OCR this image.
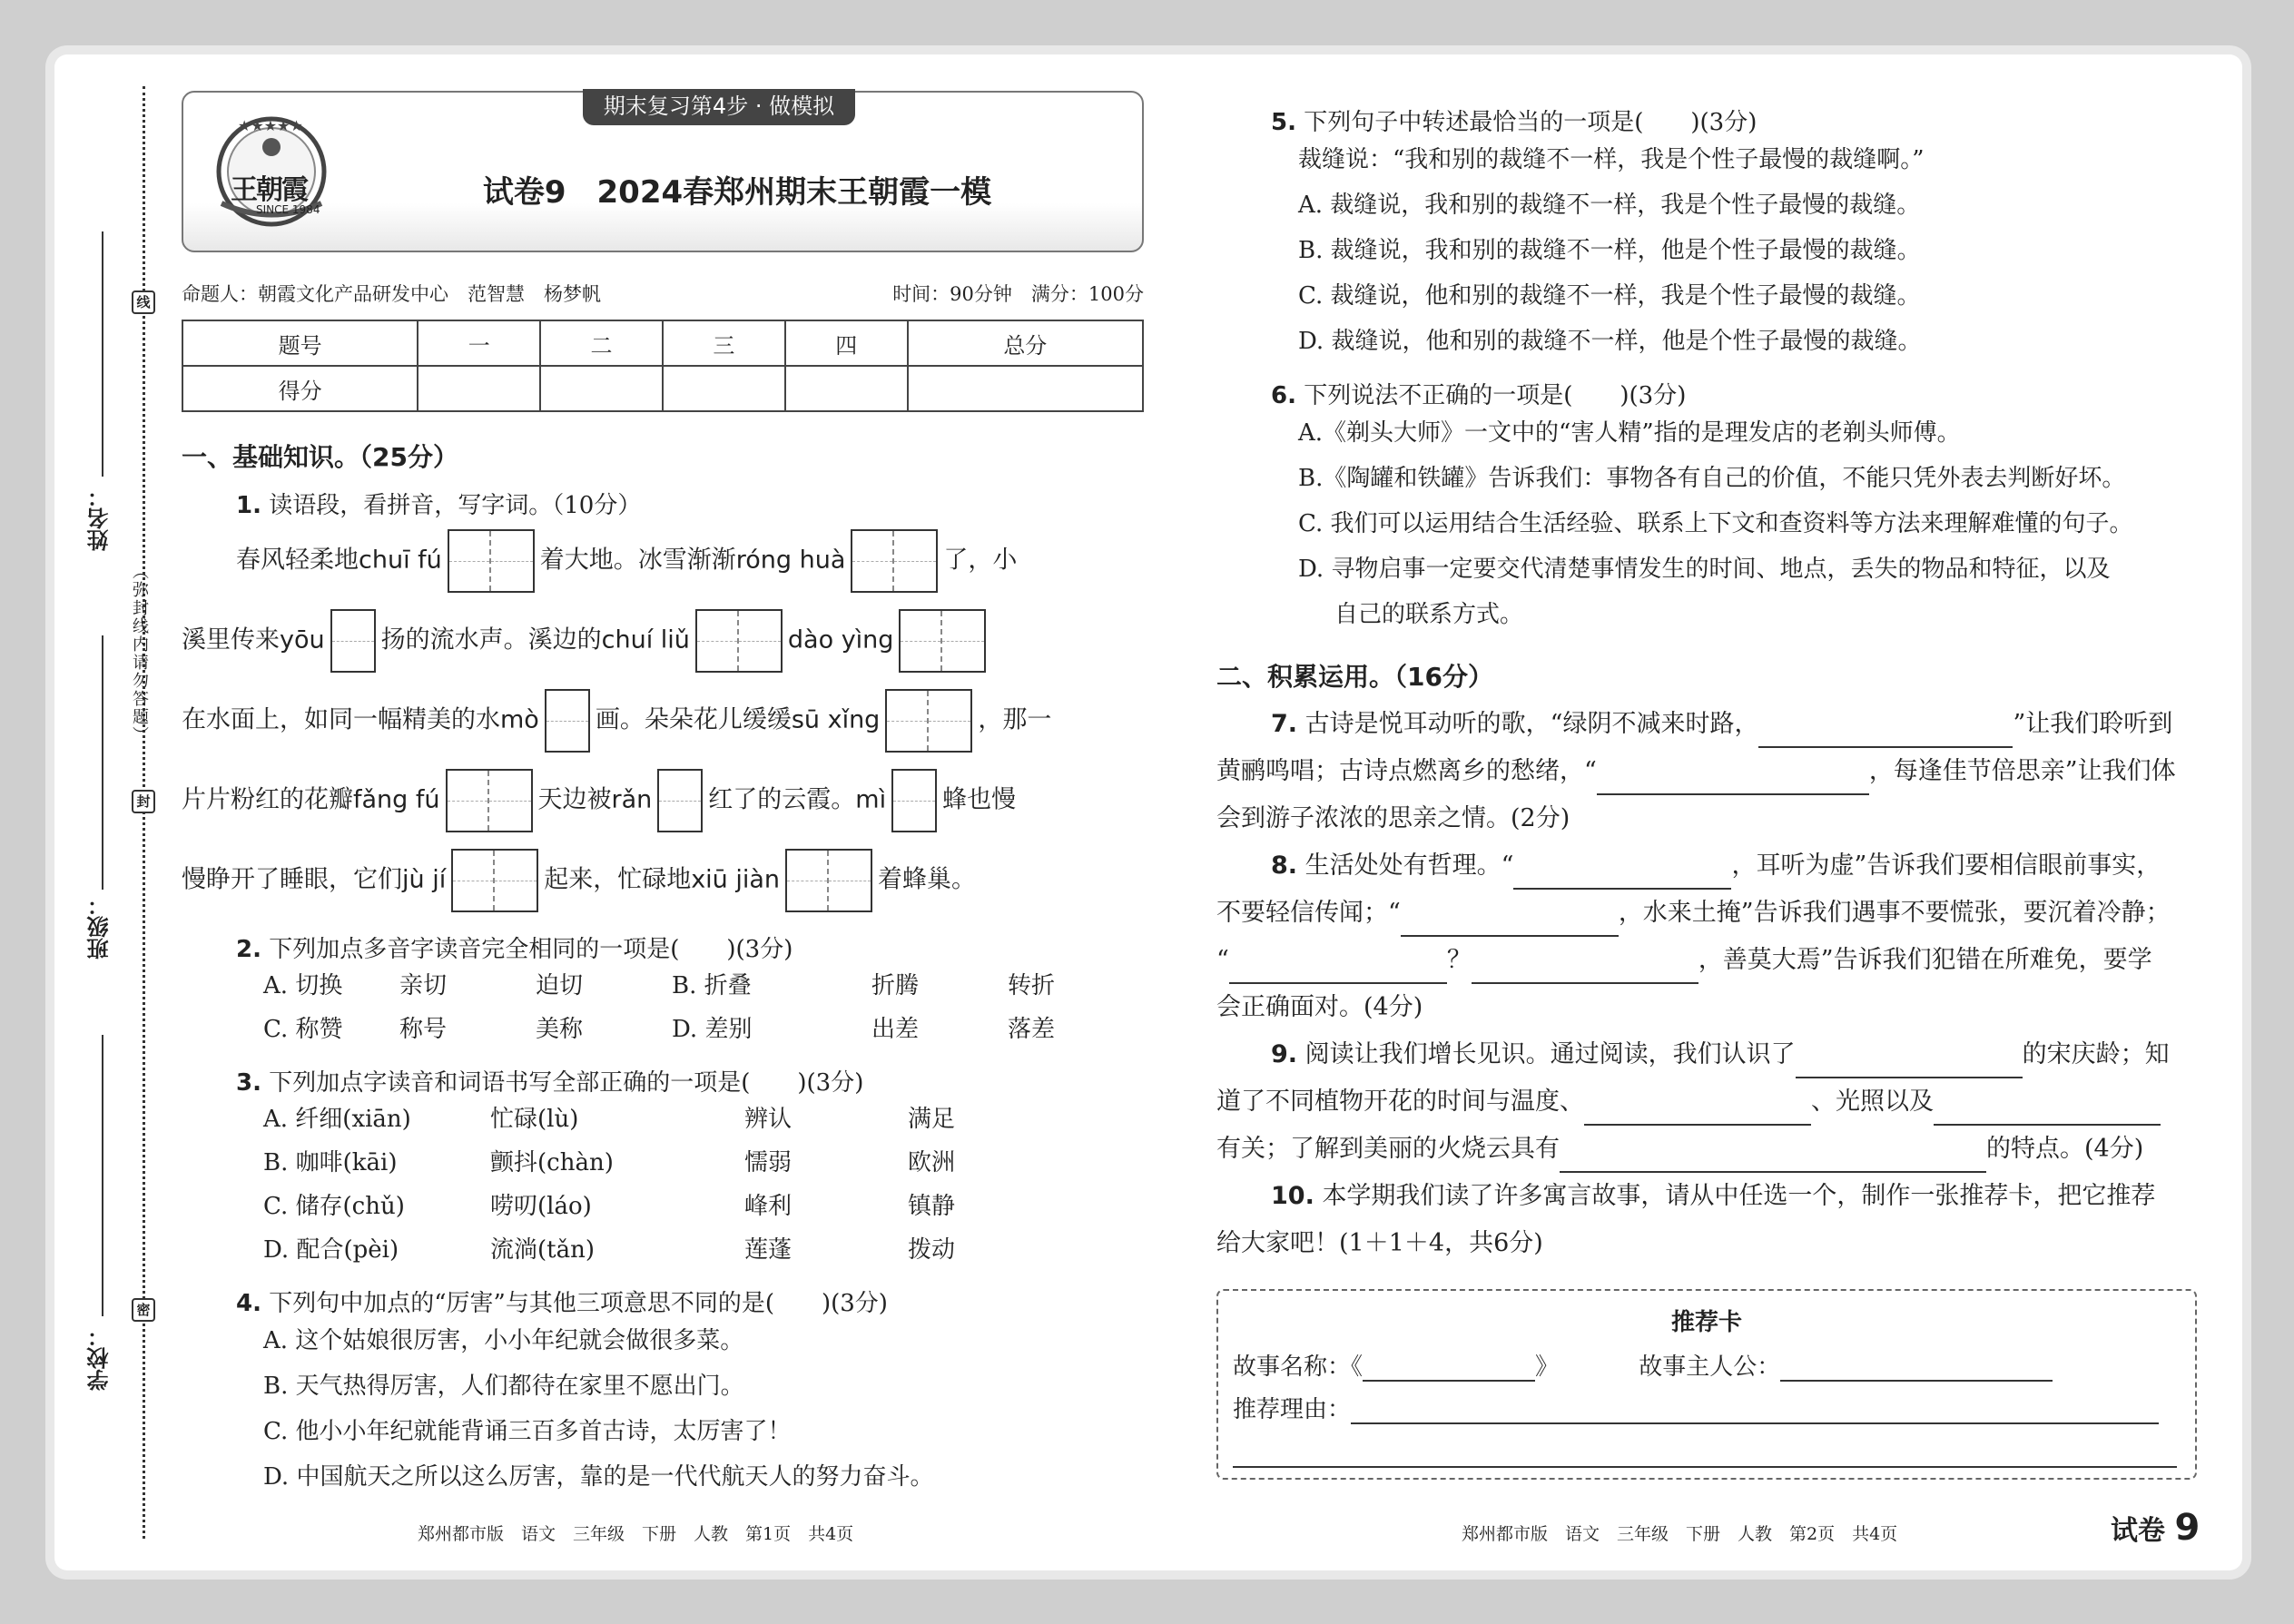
线
封
密
姓名：
班级：
学校：
（弥封线内请勿答题）
★★★★★
王朝霞
SINCE 1984
期末复习第4步 · 做模拟
试卷9　2024春郑州期末王朝霞一模
命题人：朝霞文化产品研发中心　范智慧　杨梦帆	时间：90分钟　满分：100分
题号	一	二	三	四	总分
得分					
一、基础知识。（25分）
1. 读语段，看拼音，写字词。（10分）
春风轻柔地chuī fú	着大地。冰雪渐渐róng huà	了，小
溪里传来yōu 扬的流水声。溪边的chuí liǔ	dào yìng
在水面上，如同一幅精美的水mò 画。朵朵花儿缓缓sū xǐng	，那一
片片粉红的花瓣fǎng fú	天边被rǎn 红了的云霞。mì 蜂也慢
慢睁开了睡眼，它们jù jí	起来，忙碌地xiū jiàn	着蜂巢。
2. 下列加点多音字读音完全相同的一项是(　　)(3分)
A. 切换	亲切	迫切	B. 折叠	折腾	转折
C. 称赞	称号	美称	D. 差别	出差	落差
3. 下列加点字读音和词语书写全部正确的一项是(　　)(3分)
A. 纤细(xiān)	忙碌(lù)	辨认	满足
B. 咖啡(kāi)	颤抖(chàn)	懦弱	欧洲
C. 储存(chǔ)	唠叨(láo)	峰利	镇静
D. 配合(pèi)	流淌(tǎn)	莲蓬	拨动
4. 下列句中加点的“厉害”与其他三项意思不同的是(　　)(3分)
A. 这个姑娘很厉害，小小年纪就会做很多菜。
B. 天气热得厉害，人们都待在家里不愿出门。
C. 他小小年纪就能背诵三百多首古诗，太厉害了！
D. 中国航天之所以这么厉害，靠的是一代代航天人的努力奋斗。
5. 下列句子中转述最恰当的一项是(　　)(3分)
裁缝说：“我和别的裁缝不一样，我是个性子最慢的裁缝啊。”
A. 裁缝说，我和别的裁缝不一样，我是个性子最慢的裁缝。
B. 裁缝说，我和别的裁缝不一样，他是个性子最慢的裁缝。
C. 裁缝说，他和别的裁缝不一样，我是个性子最慢的裁缝。
D. 裁缝说，他和别的裁缝不一样，他是个性子最慢的裁缝。
6. 下列说法不正确的一项是(　　)(3分)
A.《剃头大师》一文中的“害人精”指的是理发店的老剃头师傅。
B.《陶罐和铁罐》告诉我们：事物各有自己的价值，不能只凭外表去判断好坏。
C. 我们可以运用结合生活经验、联系上下文和查资料等方法来理解难懂的句子。
D. 寻物启事一定要交代清楚事情发生的时间、地点，丢失的物品和特征，以及
自己的联系方式。
二、积累运用。（16分）
7. 古诗是悦耳动听的歌，“绿阴不减来时路，	”让我们聆听到
黄鹂鸣唱；古诗点燃离乡的愁绪，“	，每逢佳节倍思亲”让我们体
会到游子浓浓的思亲之情。(2分)
8. 生活处处有哲理。“	，耳听为虚”告诉我们要相信眼前事实，
不要轻信传闻；“	，水来土掩”告诉我们遇事不要慌张，要沉着冷静；
“	？	，善莫大焉”告诉我们犯错在所难免，要学
会正确面对。(4分)
9. 阅读让我们增长见识。通过阅读，我们认识了	的宋庆龄；知
道了不同植物开花的时间与温度、	、光照以及
有关；了解到美丽的火烧云具有	的特点。(4分)
10. 本学期我们读了许多寓言故事，请从中任选一个，制作一张推荐卡，把它推荐
给大家吧！(1＋1＋4，共6分)
推荐卡
故事名称：《	》	故事主人公：
推荐理由：
郑州都市版　语文　三年级　下册　人教　第1页　共4页	郑州都市版　语文　三年级　下册　人教　第2页　共4页	试卷 9
